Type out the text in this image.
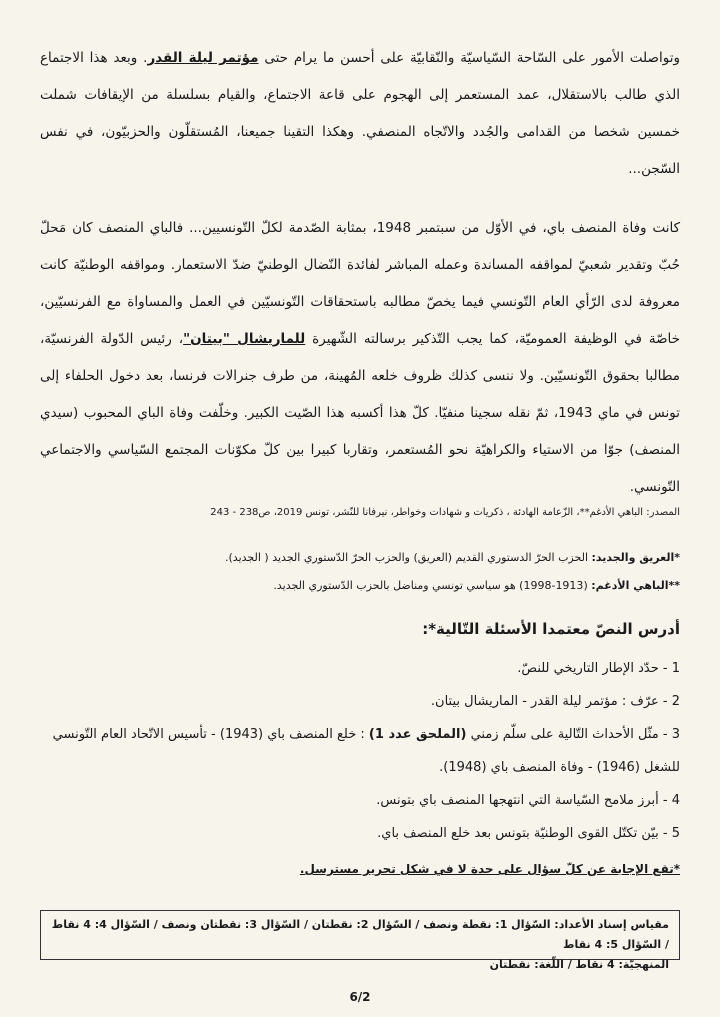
وتواصلت الأمور على السّاحة السّياسيّة والنّقابيّة على أحسن ما يرام حتى مؤتمر ليلة القدر. وبعد هذا الاجتماع الذي طالب بالاستقلال، عمد المستعمر إلى الهجوم على قاعة الاجتماع، والقيام بسلسلة من الإيقافات شملت خمسين شخصا من القدامى والجُدد والاتّجاه المنصفي. وهكذا التقينا جميعنا، المُستقلّون والحزبيّون، في نفس السّجن...

كانت وفاة المنصف باي، في الأوّل من سبتمبر 1948، بمثابة الصّدمة لكلّ التّونسيين... فالباي المنصف كان مَحلّ حُبّ وتقدير شعبيّ لمواقفه المساندة وعمله المباشر لفائدة النّضال الوطنيّ ضدّ الاستعمار. ومواقفه الوطنيّة كانت معروفة لدى الرّأي العام التّونسي فيما يخصّ مطالبه باستحقاقات التّونسيّين في العمل والمساواة مع الفرنسيّين، خاصّة في الوظيفة العموميّة، كما يجب التّذكير برسالته الشّهيرة للماريشال "بيتان"، رئيس الدّولة الفرنسيّة، مطالبا بحقوق التّونسيّين. ولا ننسى كذلك ظروف خلعه المُهينة، من طرف جنرالات فرنسا، بعد دخول الحلفاء إلى تونس في ماي 1943، ثمّ نقله سجينا منفيّا. كلّ هذا أكسبه هذا الصّيت الكبير. وخلّفت وفاة الباي المحبوب (سيدي المنصف) جوّا من الاستياء والكراهيّة نحو المُستعمر، وتقاربا كبيرا بين كلّ مكوّنات المجتمع السّياسي والاجتماعي التّونسي.

المصدر: الباهي الأدغم**، الزّعامة الهادئة ، ذكريات و شهادات وخواطر، نيرفانا للنّشر، تونس 2019، ص238 - 243
*العريق والجديد: الحزب الحرّ الدستوري القديم (العريق) والحزب الحرّ الدّستوري الجديد ( الجديد).
**الباهي الأدغم: (1913-1998) هو سياسي تونسي ومناضل بالحزب الدّستوري الجديد.
أدرس النصّ معتمدا الأسئلة التّالية*:
1 - حدّد الإطار التاريخي للنصّ.
2 - عرّف : مؤتمر ليلة القدر - الماريشال بيتان.
3 - مثّل الأحداث التّالية على سلّم زمني (الملحق عدد 1) : خلع المنصف باي (1943) - تأسيس الاتّحاد العام التّونسي للشغل (1946) - وفاة المنصف باي (1948).
4 - أبرز ملامح السّياسة التي انتهجها المنصف باي بتونس.
5 - بيّن تكتّل القوى الوطنيّة بتونس بعد خلع المنصف باي.
*تقع الإجابة عن كلّ سؤال على حدة لا في شكل تحرير مسترسل.
مقياس إسناد الأعداد: السّؤال 1: نقطة ونصف / السّؤال 2: نقطتان / السّؤال 3: نقطتان ونصف / السّؤال 4: 4 نقاط / السّؤال 5: 4 نقاط
المنهجيّة: 4 نقاط / اللّغة: نقطتان
6/2
